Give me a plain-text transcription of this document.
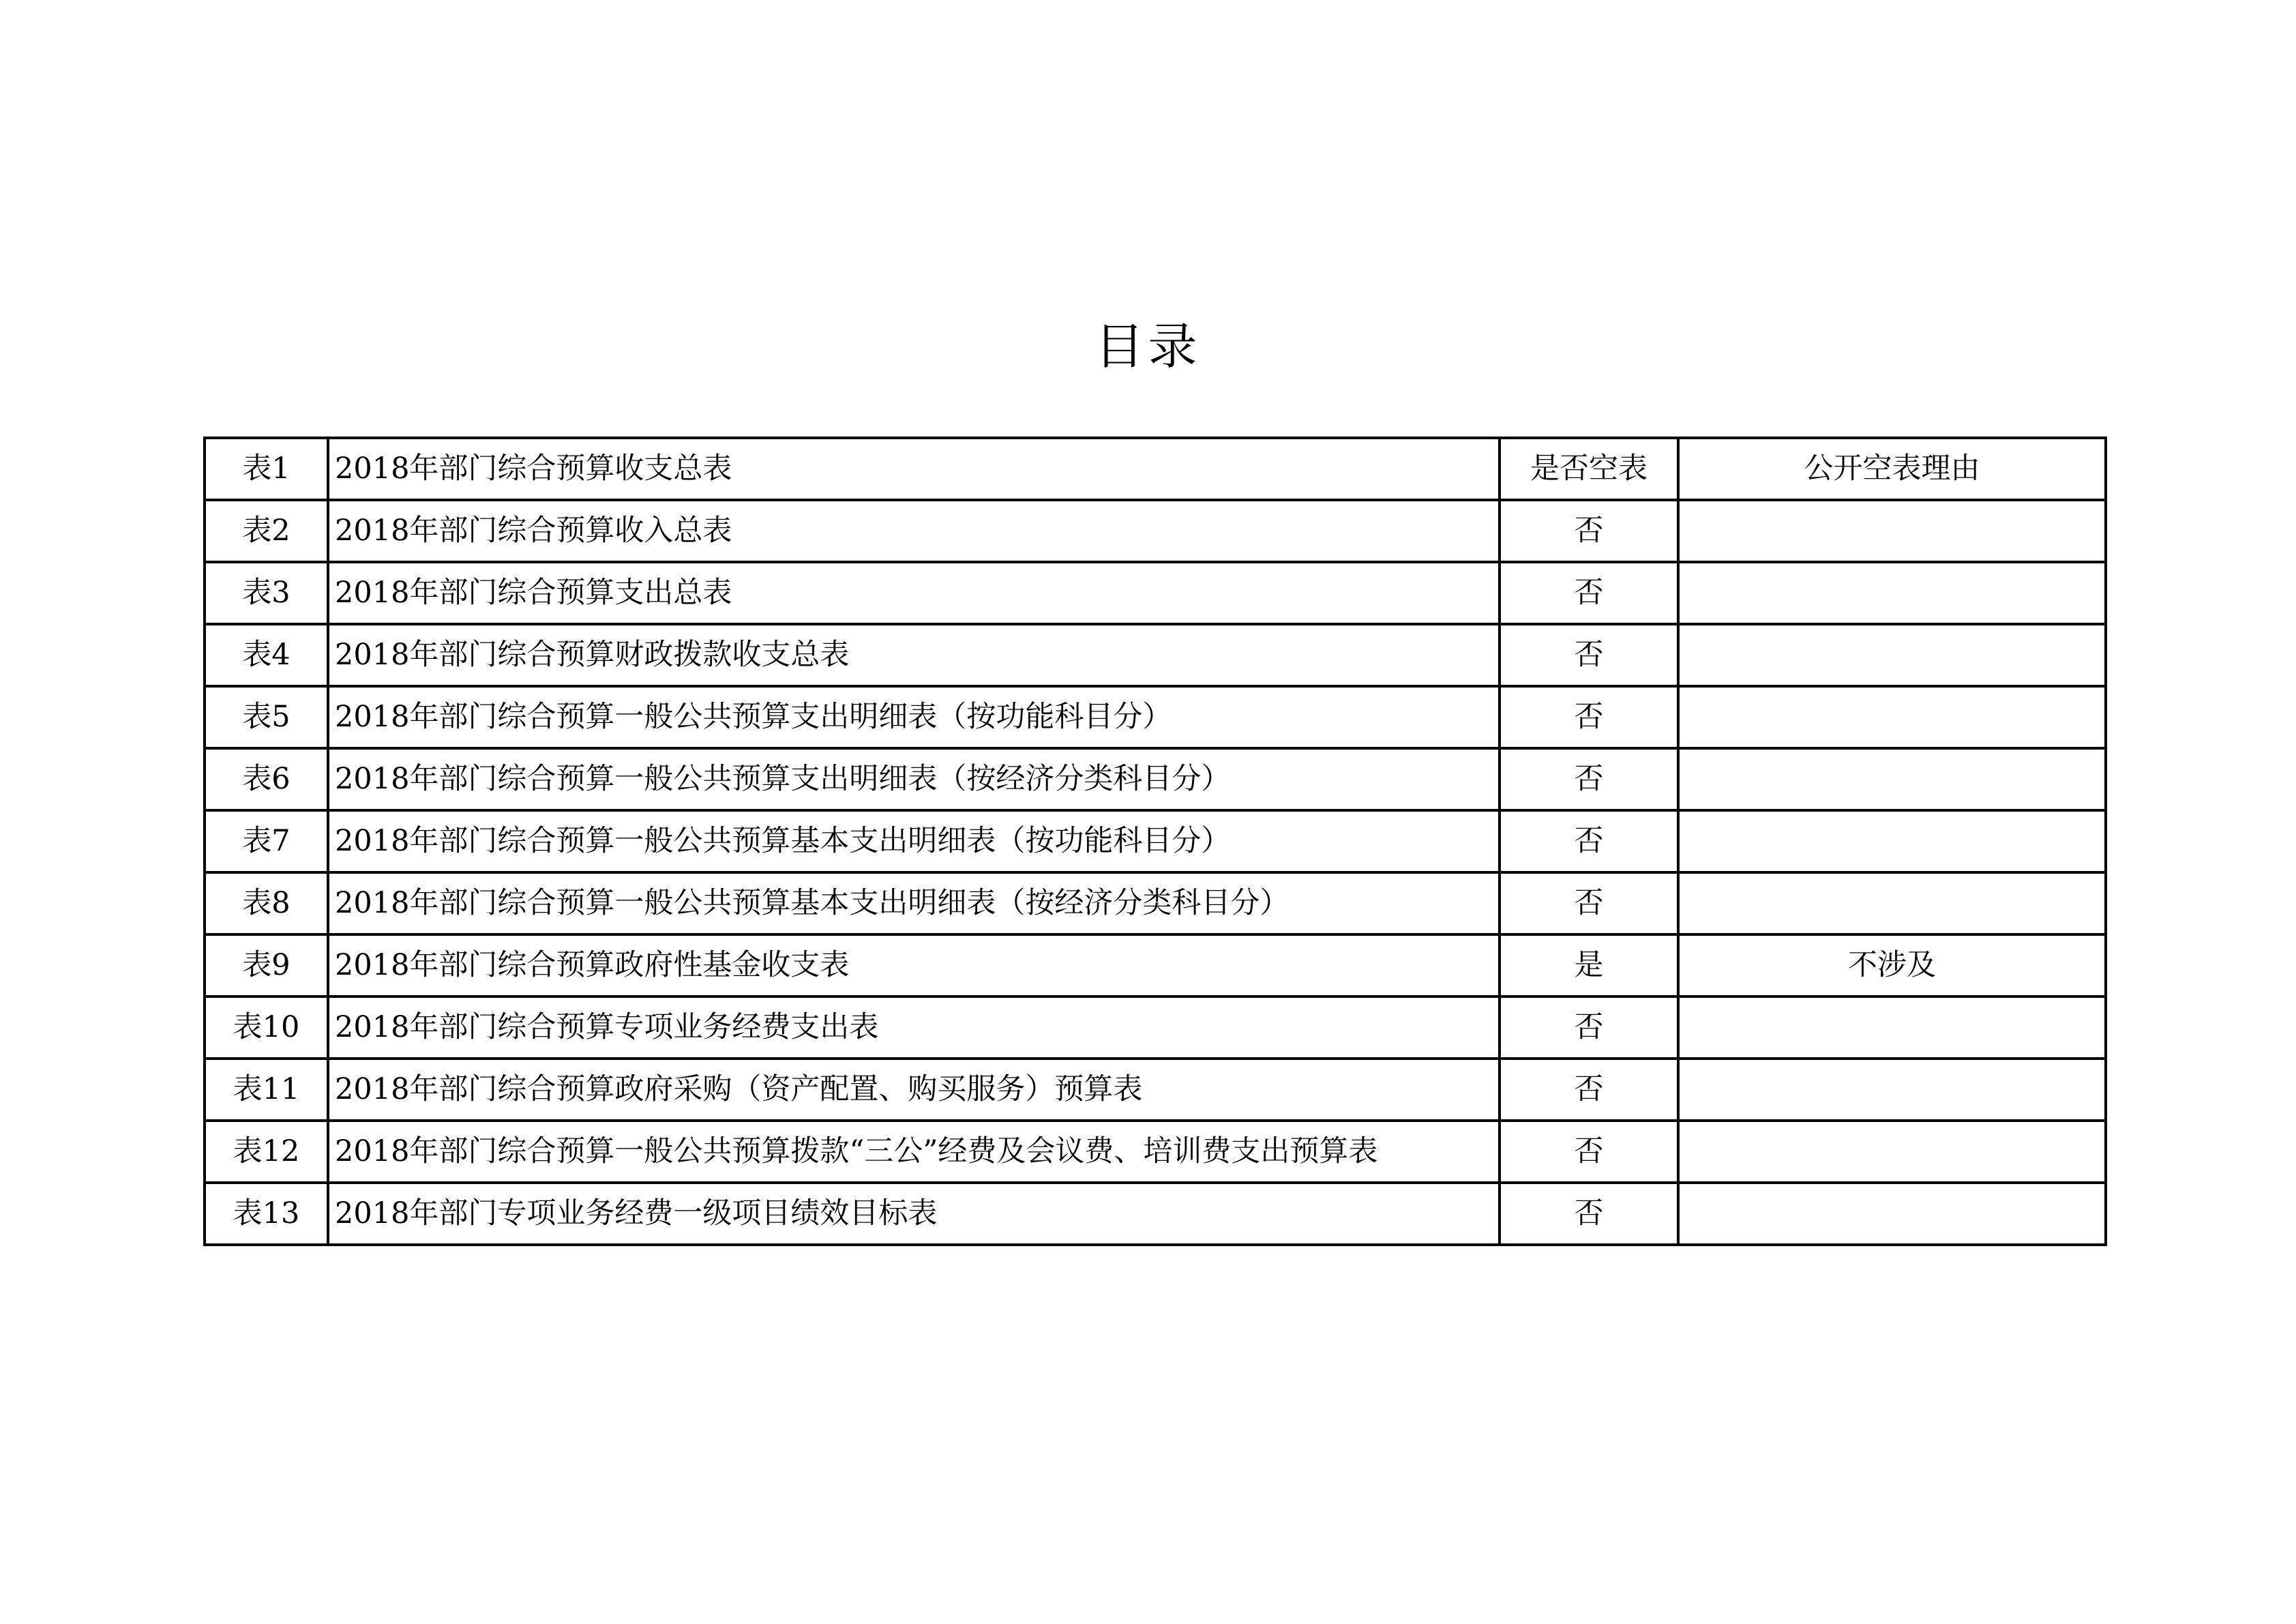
目录
表1	2018年部门综合预算收支总表	是否空表	公开空表理由
表2	2018年部门综合预算收入总表	否	
表3	2018年部门综合预算支出总表	否	
表4	2018年部门综合预算财政拨款收支总表	否	
表5	2018年部门综合预算一般公共预算支出明细表（按功能科目分）	否	
表6	2018年部门综合预算一般公共预算支出明细表（按经济分类科目分）	否	
表7	2018年部门综合预算一般公共预算基本支出明细表（按功能科目分）	否	
表8	2018年部门综合预算一般公共预算基本支出明细表（按经济分类科目分）	否	
表9	2018年部门综合预算政府性基金收支表	是	不涉及
表10	2018年部门综合预算专项业务经费支出表	否	
表11	2018年部门综合预算政府采购（资产配置、购买服务）预算表	否	
表12	2018年部门综合预算一般公共预算拨款“三公”经费及会议费、培训费支出预算表	否	
表13	2018年部门专项业务经费一级项目绩效目标表	否	
